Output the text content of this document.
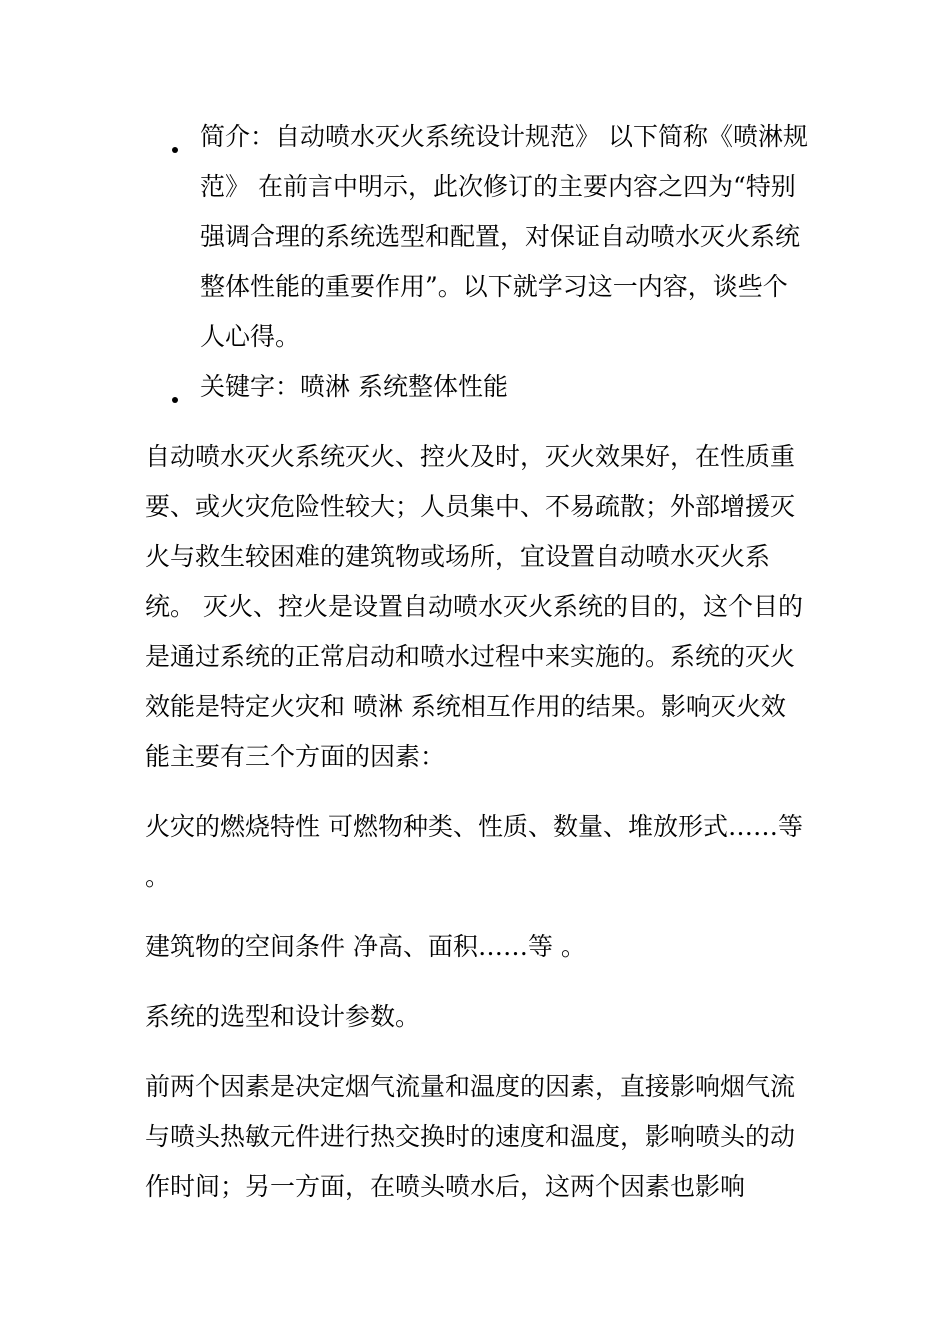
简介：自动喷水灭火系统设计规范》 以下简称《喷淋规范》 在前言中明示，此次修订的主要内容之四为“特别强调合理的系统选型和配置，对保证自动喷水灭火系统整体性能的重要作用”。以下就学习这一内容，谈些个人心得。
关键字：喷淋 系统整体性能

自动喷水灭火系统灭火、控火及时，灭火效果好，在性质重要、或火灾危险性较大；人员集中、不易疏散；外部增援灭火与救生较困难的建筑物或场所，宜设置自动喷水灭火系统。 灭火、控火是设置自动喷水灭火系统的目的，这个目的是通过系统的正常启动和喷水过程中来实施的。系统的灭火效能是特定火灾和 喷淋 系统相互作用的结果。影响灭火效能主要有三个方面的因素：

火灾的燃烧特性 可燃物种类、性质、数量、堆放形式……等 。

建筑物的空间条件 净高、面积……等 。

系统的选型和设计参数。

前两个因素是决定烟气流量和温度的因素，直接影响烟气流与喷头热敏元件进行热交换时的速度和温度，影响喷头的动作时间；另一方面，在喷头喷水后，这两个因素也影响
